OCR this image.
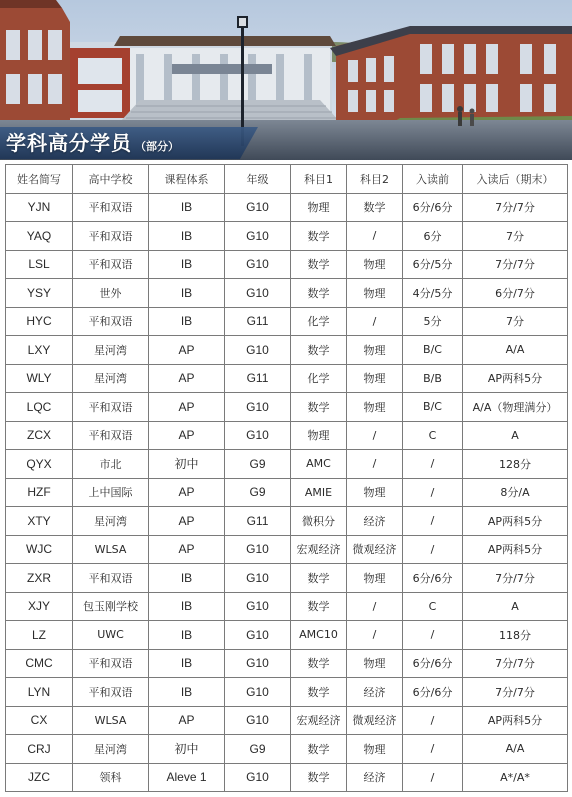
学科高分学员 （部分）
姓名简写	高中学校	课程体系	年级	科目1	科目2	入读前	入读后（期末）
YJN	平和双语	IB	G10	物理	数学	6分/6分	7分/7分
YAQ	平和双语	IB	G10	数学	/	6分	7分
LSL	平和双语	IB	G10	数学	物理	6分/5分	7分/7分
YSY	世外	IB	G10	数学	物理	4分/5分	6分/7分
HYC	平和双语	IB	G11	化学	/	5分	7分
LXY	星河湾	AP	G10	数学	物理	B/C	A/A
WLY	星河湾	AP	G11	化学	物理	B/B	AP两科5分
LQC	平和双语	AP	G10	数学	物理	B/C	A/A（物理满分）
ZCX	平和双语	AP	G10	物理	/	C	A
QYX	市北	初中	G9	AMC	/	/	128分
HZF	上中国际	AP	G9	AMIE	物理	/	8分/A
XTY	星河湾	AP	G11	微积分	经济	/	AP两科5分
WJC	WLSA	AP	G10	宏观经济	微观经济	/	AP两科5分
ZXR	平和双语	IB	G10	数学	物理	6分/6分	7分/7分
XJY	包玉刚学校	IB	G10	数学	/	C	A
LZ	UWC	IB	G10	AMC10	/	/	118分
CMC	平和双语	IB	G10	数学	物理	6分/6分	7分/7分
LYN	平和双语	IB	G10	数学	经济	6分/6分	7分/7分
CX	WLSA	AP	G10	宏观经济	微观经济	/	AP两科5分
CRJ	星河湾	初中	G9	数学	物理	/	A/A
JZC	领科	Aleve 1	G10	数学	经济	/	A*/A*
